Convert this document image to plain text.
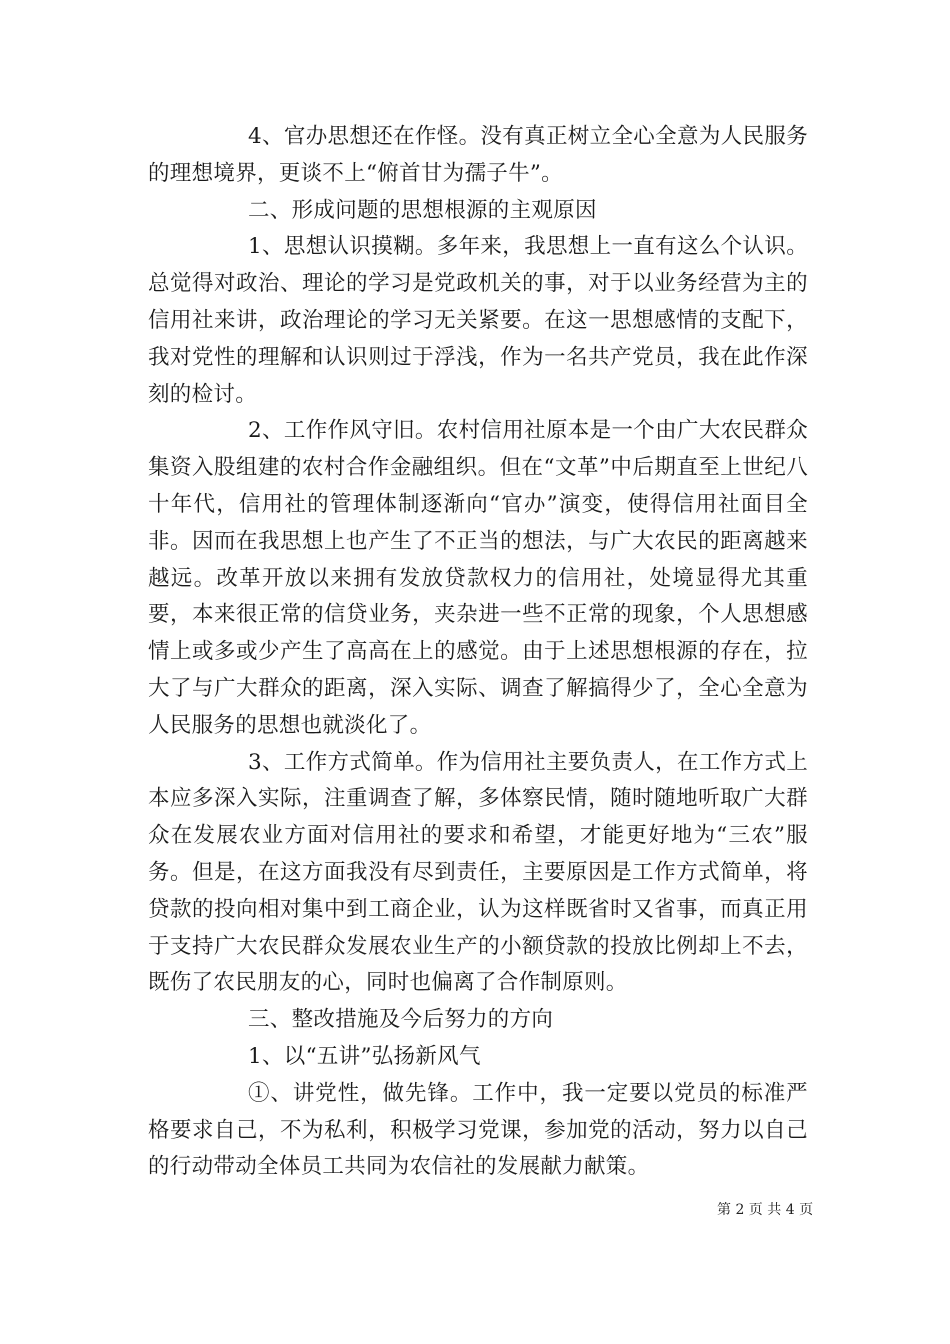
4、官办思想还在作怪。没有真正树立全心全意为人民服务的理想境界，更谈不上“俯首甘为孺子牛”。

二、形成问题的思想根源的主观原因

1、思想认识摸糊。多年来，我思想上一直有这么个认识。总觉得对政治、理论的学习是党政机关的事，对于以业务经营为主的信用社来讲，政治理论的学习无关紧要。在这一思想感情的支配下，我对党性的理解和认识则过于浮浅，作为一名共产党员，我在此作深刻的检讨。

2、工作作风守旧。农村信用社原本是一个由广大农民群众集资入股组建的农村合作金融组织。但在“文革”中后期直至上世纪八十年代，信用社的管理体制逐渐向“官办”演变，使得信用社面目全非。因而在我思想上也产生了不正当的想法，与广大农民的距离越来越远。改革开放以来拥有发放贷款权力的信用社，处境显得尤其重要，本来很正常的信贷业务，夹杂进一些不正常的现象，个人思想感情上或多或少产生了高高在上的感觉。由于上述思想根源的存在，拉大了与广大群众的距离，深入实际、调查了解搞得少了，全心全意为人民服务的思想也就淡化了。

3、工作方式简单。作为信用社主要负责人，在工作方式上本应多深入实际，注重调查了解，多体察民情，随时随地听取广大群众在发展农业方面对信用社的要求和希望，才能更好地为“三农”服务。但是，在这方面我没有尽到责任，主要原因是工作方式简单，将贷款的投向相对集中到工商企业，认为这样既省时又省事，而真正用于支持广大农民群众发展农业生产的小额贷款的投放比例却上不去，既伤了农民朋友的心，同时也偏离了合作制原则。

三、整改措施及今后努力的方向

1、以“五讲”弘扬新风气

①、讲党性，做先锋。工作中，我一定要以党员的标准严格要求自己，不为私利，积极学习党课，参加党的活动，努力以自己的行动带动全体员工共同为农信社的发展献力献策。

第 2 页 共 4 页
